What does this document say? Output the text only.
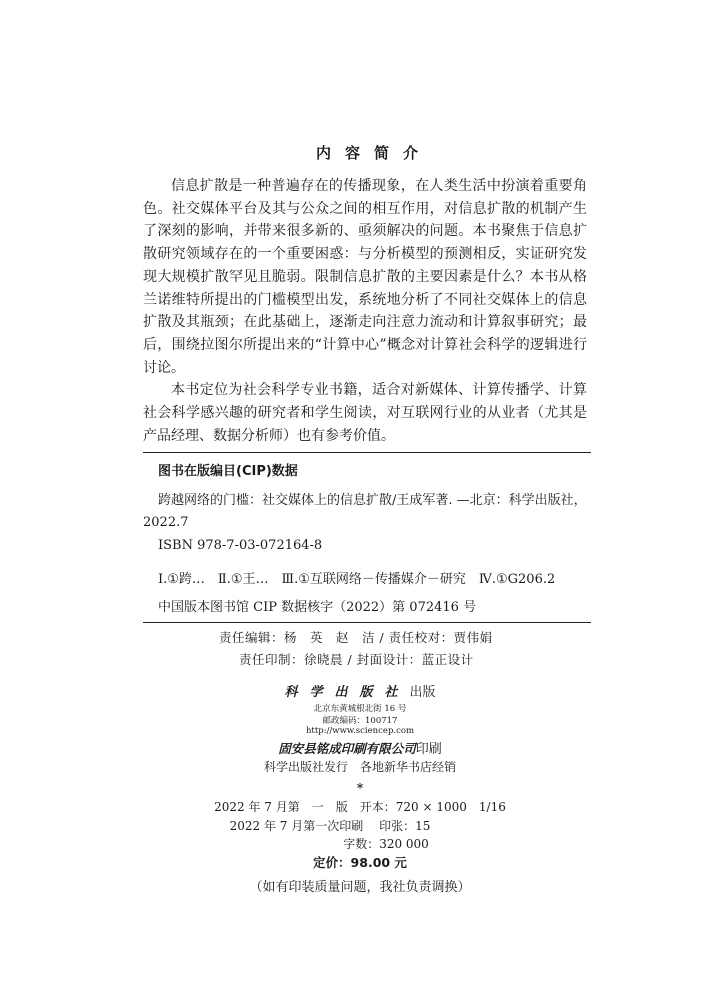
内容简介

信息扩散是一种普遍存在的传播现象，在人类生活中扮演着重要角色。社交媒体平台及其与公众之间的相互作用，对信息扩散的机制产生了深刻的影响，并带来很多新的、亟须解决的问题。本书聚焦于信息扩散研究领域存在的一个重要困惑：与分析模型的预测相反，实证研究发现大规模扩散罕见且脆弱。限制信息扩散的主要因素是什么？本书从格兰诺维特所提出的门槛模型出发，系统地分析了不同社交媒体上的信息扩散及其瓶颈；在此基础上，逐渐走向注意力流动和计算叙事研究；最后，围绕拉图尔所提出来的“计算中心”概念对计算社会科学的逻辑进行讨论。

本书定位为社会科学专业书籍，适合对新媒体、计算传播学、计算社会科学感兴趣的研究者和学生阅读，对互联网行业的从业者（尤其是产品经理、数据分析师）也有参考价值。

图书在版编目(CIP)数据

跨越网络的门槛：社交媒体上的信息扩散/王成军著. —北京：科学出版社，2022.7

ISBN 978-7-03-072164-8
Ⅰ.①跨…　Ⅱ.①王…　Ⅲ.①互联网络－传播媒介－研究　Ⅳ.①G206.2
中国版本图书馆 CIP 数据核字（2022）第 072416 号
责任编辑：杨　英　赵　洁 / 责任校对：贾伟娟
责任印制：徐晓晨 / 封面设计：蓝正设计
科学出版社出版
北京东黄城根北街 16 号
邮政编码：100717
http://www.sciencep.com
固安县铭成印刷有限公司印刷
科学出版社发行　各地新华书店经销
*
2022 年 7 月第　一　版　开本：720 × 1000　1/16
2022 年 7 月第一次印刷　 印张：15
字数：320 000
定价：98.00 元
（如有印装质量问题，我社负责调换）
